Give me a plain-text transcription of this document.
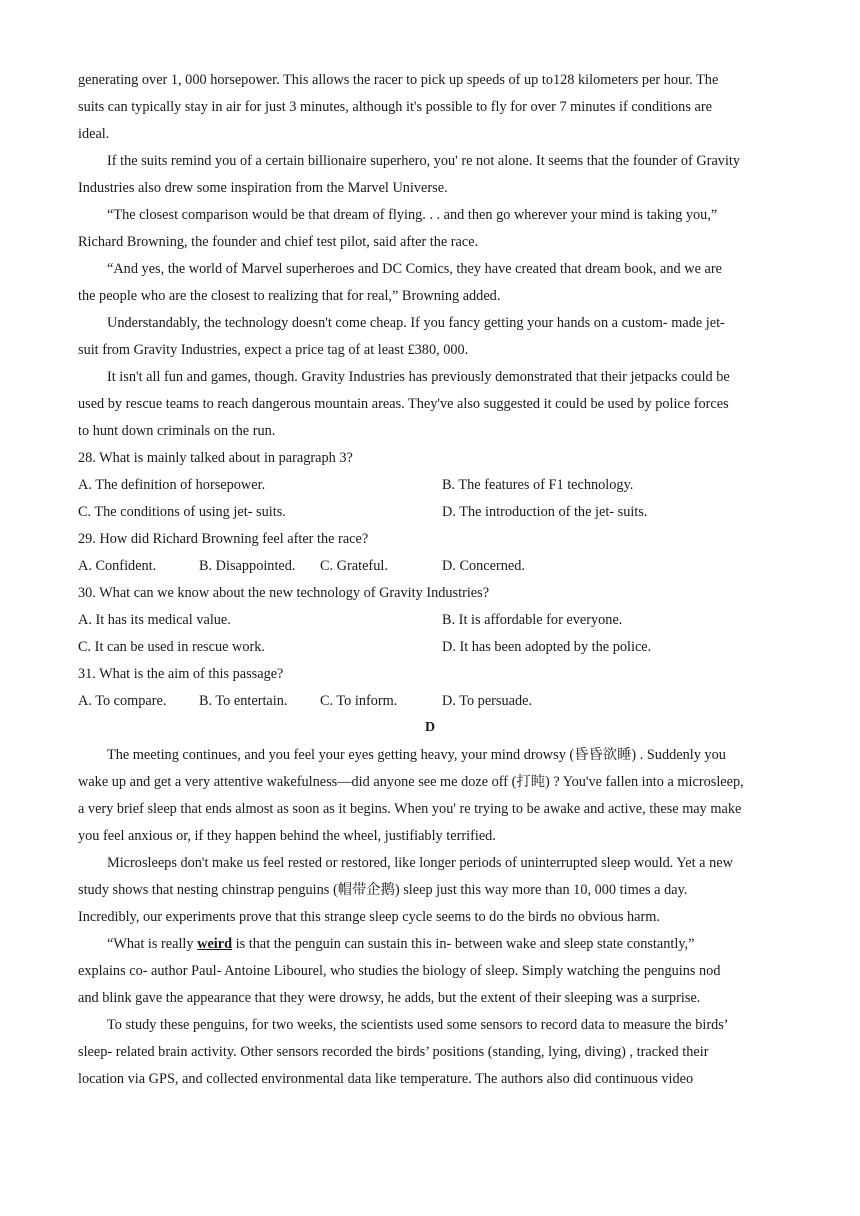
generating over 1, 000 horsepower. This allows the racer to pick up speeds of up to128 kilometers per hour. The
suits can typically stay in air for just 3 minutes, although it's possible to fly for over 7 minutes if conditions are
ideal.
If the suits remind you of a certain billionaire superhero, you' re not alone. It seems that the founder of Gravity
Industries also drew some inspiration from the Marvel Universe.
“The closest comparison would be that dream of flying. . . and then go wherever your mind is taking you,”
Richard Browning, the founder and chief test pilot, said after the race.
“And yes, the world of Marvel superheroes and DC Comics, they have created that dream book, and we are
the people who are the closest to realizing that for real,” Browning added.
Understandably, the technology doesn't come cheap. If you fancy getting your hands on a custom- made jet-
suit from Gravity Industries, expect a price tag of at least £380, 000.
It isn't all fun and games, though. Gravity Industries has previously demonstrated that their jetpacks could be
used by rescue teams to reach dangerous mountain areas. They've also suggested it could be used by police forces
to hunt down criminals on the run.
28. What is mainly talked about in paragraph 3?
A. The definition of horsepower.	B. The features of F1 technology.
C. The conditions of using jet- suits.	D. The introduction of the jet- suits.
29. How did Richard Browning feel after the race?
A. Confident.	B. Disappointed. C. Grateful.	D. Concerned.
30. What can we know about the new technology of Gravity Industries?
A. It has its medical value.	B. It is affordable for everyone.
C. It can be used in rescue work.	D. It has been adopted by the police.
31. What is the aim of this passage?
A. To compare.	B. To entertain. C. To inform.	D. To persuade.
D
The meeting continues, and you feel your eyes getting heavy, your mind drowsy (昏昏欲睡) . Suddenly you
wake up and get a very attentive wakefulness—did anyone see me doze off (打盹) ? You've fallen into a microsleep,
a very brief sleep that ends almost as soon as it begins. When you' re trying to be awake and active, these may make
you feel anxious or, if they happen behind the wheel, justifiably terrified.
Microsleeps don't make us feel rested or restored, like longer periods of uninterrupted sleep would. Yet a new
study shows that nesting chinstrap penguins (帽带企鹅) sleep just this way more than 10, 000 times a day.
Incredibly, our experiments prove that this strange sleep cycle seems to do the birds no obvious harm.
“What is really weird is that the penguin can sustain this in- between wake and sleep state constantly,”
explains co- author Paul- Antoine Libourel, who studies the biology of sleep. Simply watching the penguins nod
and blink gave the appearance that they were drowsy, he adds, but the extent of their sleeping was a surprise.
To study these penguins, for two weeks, the scientists used some sensors to record data to measure the birds’
sleep- related brain activity. Other sensors recorded the birds’ positions (standing, lying, diving) , tracked their
location via GPS, and collected environmental data like temperature. The authors also did continuous video
